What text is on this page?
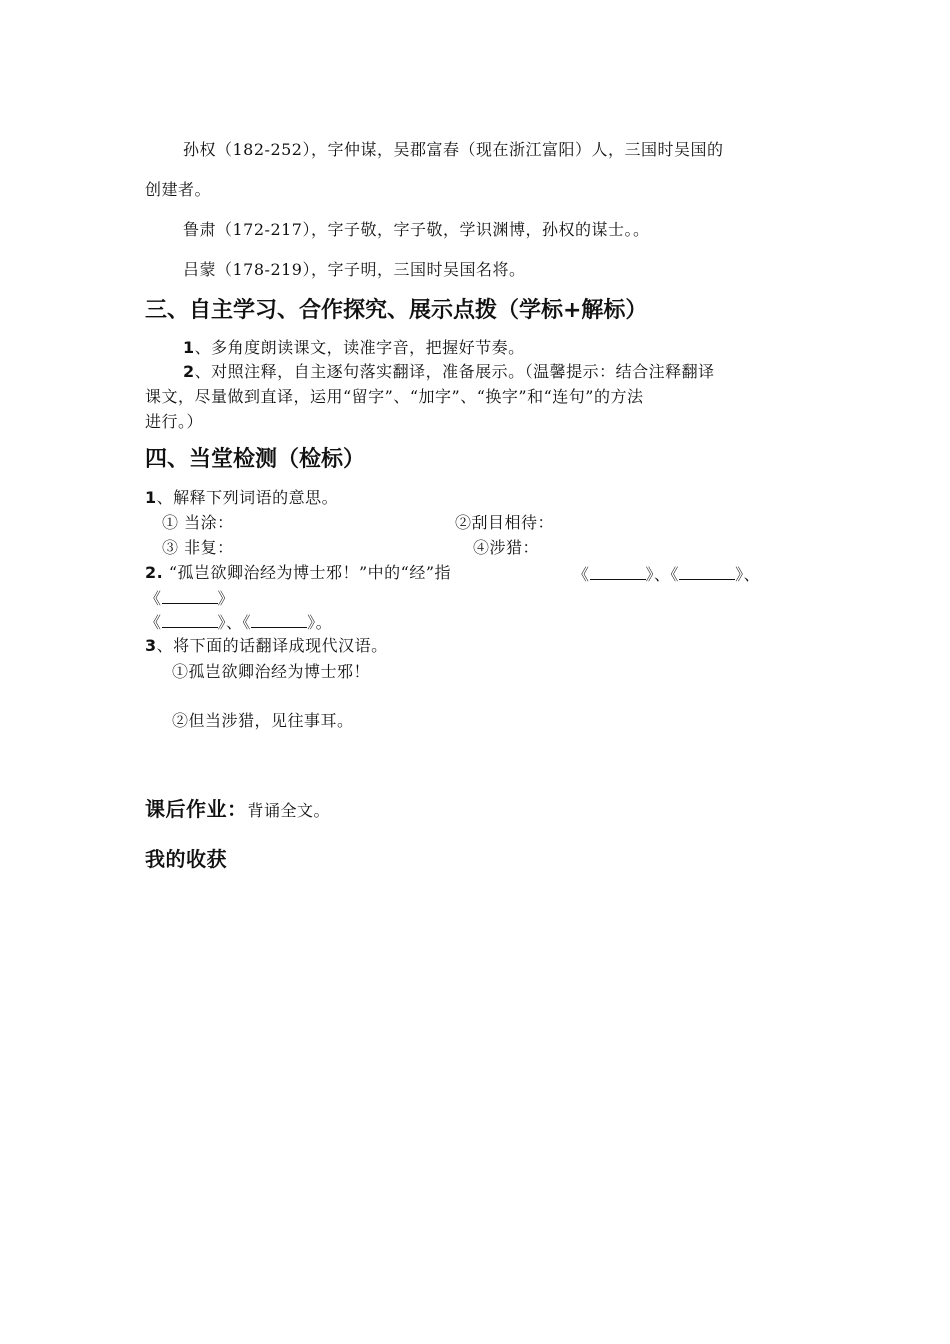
孙权（182-252），字仲谋，吴郡富春（现在浙江富阳）人，三国时吴国的
创建者。
鲁肃（172-217），字子敬，字子敬，学识渊博，孙权的谋士。。
吕蒙（178-219），字子明，三国时吴国名将。
三、自主学习、合作探究、展示点拨（学标+解标）
1、多角度朗读课文，读准字音，把握好节奏。
2、对照注释，自主逐句落实翻译，准备展示。（温馨提示：结合注释翻译
课文，尽量做到直译，运用“留字”、“加字”、“换字”和“连句”的方法
进行。）
四、当堂检测（检标）
1、解释下列词语的意思。
① 当涂：	②刮目相待：
③ 非复：	④涉猎：
2. “孤岂欲卿治经为博士邪！”中的“经”指	《	》、《	》、
《	》
《	》、《	》。
3、将下面的话翻译成现代汉语。
①孤岂欲卿治经为博士邪！
②但当涉猎，见往事耳。
课后作业：背诵全文。
我的收获
